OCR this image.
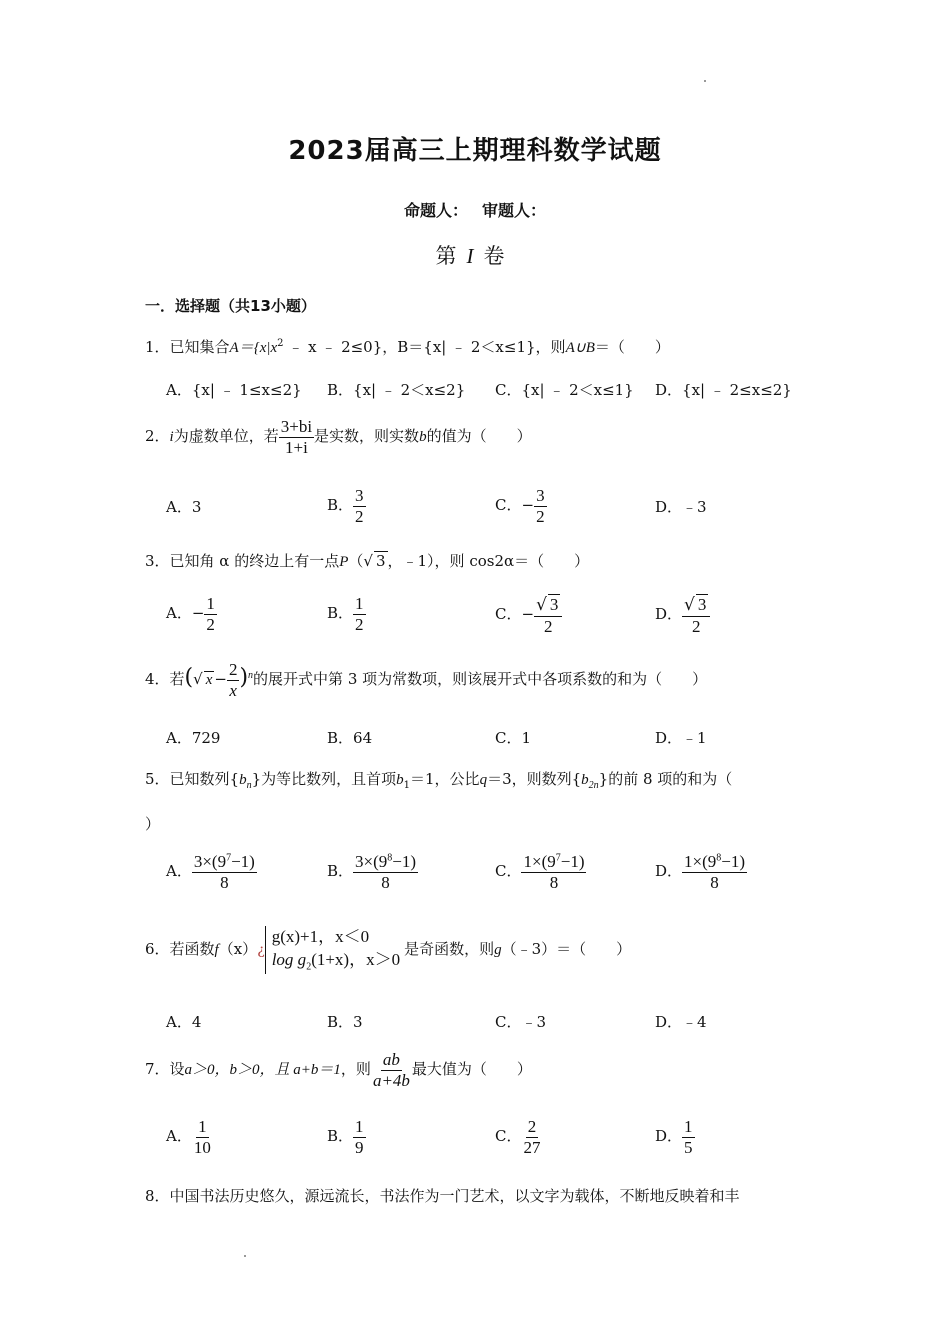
2023届高三上期理科数学试题
命题人： 审题人：
第I卷
一．选择题（共13小题）
1．已知集合$A=\{x|x^2$ ﹣ x ﹣ 2≤0}，B＝{x| ﹣ 2＜x≤1}，则A∪B＝（　　）
A．{x| ﹣ 1≤x≤2} B．{x| ﹣ 2＜x≤2} C．{x| ﹣ 2＜x≤1} D．{x| ﹣ 2≤x≤2}
2．i为虚数单位，若 $\frac{3+bi}{1+i}$ 是实数，则实数b的值为（　　）
A．3	B． $\frac{3}{2}$	C．− $\frac{3}{2}$	D．﹣3
3．已知角 α 的终边上有一点P（√ 3 ，﹣1），则 cos2α＝（　　）
A．− $\frac{1}{2}$	B． $\frac{1}{2}$	C．− $\frac{√ 3}{2}$	D． $\frac{√ 3}{2}$
4．若(√ $x - \frac{2}{x} )^n$的展开式中第 3 项为常数项，则该展开式中各项系数的和为（　　）
A．729	B．64	C．1	D．﹣1
5．已知数列$\{b_n\}$为等比数列，且首项$b_1=1$，公比q＝3，则数列$\{b_{2n}\}$的前 8 项的和为（
）
A． $\frac{3\times(9^7-1)}{8}$	B． $\frac{3\times(9^8-1)}{8}$	C． $\frac{1\times(9^7-1)}{8}$	D． $\frac{1\times(9^8-1)}{8}$
6．若函数f（x）¿
g(x)+1，x＜0
$\log g_2(1+x)$，x＞0
是奇函数，则g（﹣3）＝（　　）
A．4	B．3	C．﹣3	D．﹣4
7．设a＞0，b＞0，且 a+b＝1，则 $\frac{ab}{a+4b}$ 最大值为（　　）
A． $\frac{1}{10}$	B． $\frac{1}{9}$	C． $\frac{2}{27}$	D． $\frac{1}{5}$
8．中国书法历史悠久，源远流长，书法作为一门艺术，以文字为载体，不断地反映着和丰
